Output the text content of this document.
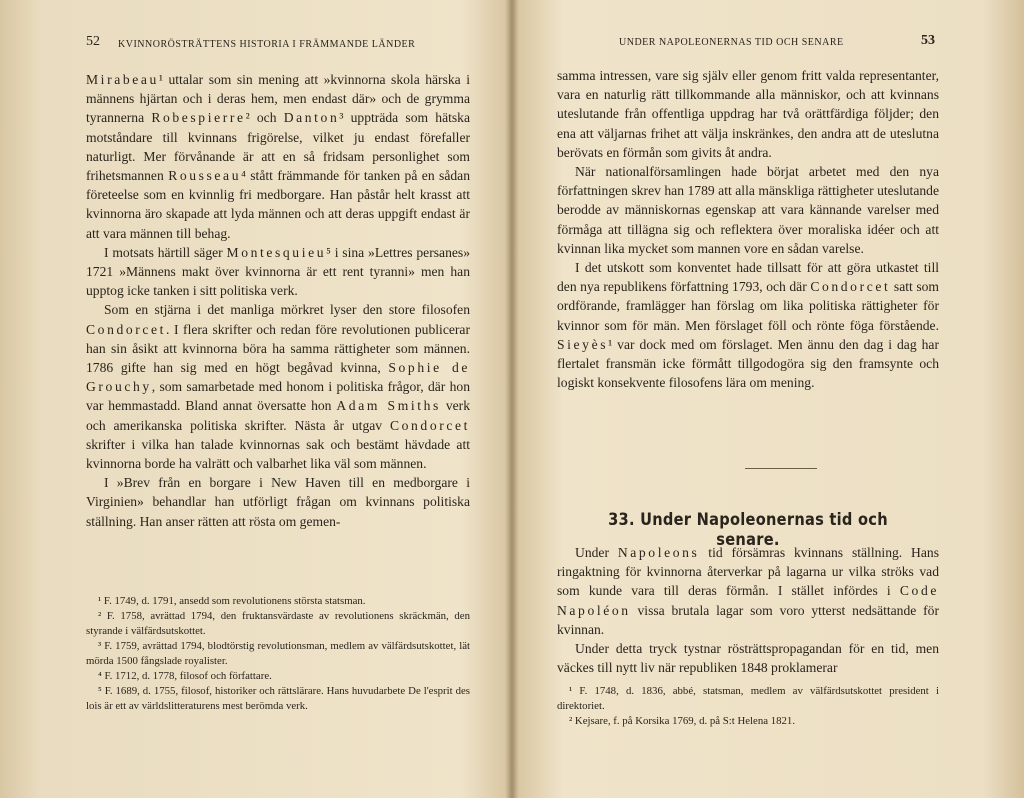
52 KVINNORÖSTRÄTTENS HISTORIA I FRÄMMANDE LÄNDER

Mirabeau¹ uttalar som sin mening att »kvinnorna skola härska i männens hjärtan och i deras hem, men endast där» och de grymma tyrannerna Robespierre² och Danton³ uppträda som hätska motståndare till kvinnans frigörelse, vilket ju endast förefaller naturligt. Mer förvånande är att en så fridsam personlighet som frihetsmannen Rousseau⁴ stått främmande för tanken på en sådan företeelse som en kvinnlig fri medborgare. Han påstår helt krasst att kvinnorna äro skapade att lyda männen och att deras uppgift endast är att vara männen till behag.

I motsats härtill säger Montesquieu⁵ i sina »Lettres persanes» 1721 »Männens makt över kvinnorna är ett rent tyranni» men han upptog icke tanken i sitt politiska verk.

Som en stjärna i det manliga mörkret lyser den store filosofen Condorcet. I flera skrifter och redan före revolutionen publicerar han sin åsikt att kvinnorna böra ha samma rättigheter som männen. 1786 gifte han sig med en högt begåvad kvinna, Sophie de Grouchy, som samarbetade med honom i politiska frågor, där hon var hemmastadd. Bland annat översatte hon Adam Smiths verk och amerikanska politiska skrifter. Nästa år utgav Condorcet skrifter i vilka han talade kvinnornas sak och bestämt hävdade att kvinnorna borde ha valrätt och valbarhet lika väl som männen.

I »Brev från en borgare i New Haven till en medborgare i Virginien» behandlar han utförligt frågan om kvinnans politiska ställning. Han anser rätten att rösta om gemen-

¹ F. 1749, d. 1791, ansedd som revolutionens största statsman.

² F. 1758, avrättad 1794, den fruktansvärdaste av revolutionens skräckmän, den styrande i välfärdsutskottet.

³ F. 1759, avrättad 1794, blodtörstig revolutionsman, medlem av välfärdsutskottet, lät mörda 1500 fångslade royalister.

⁴ F. 1712, d. 1778, filosof och författare.

⁵ F. 1689, d. 1755, filosof, historiker och rättslärare. Hans huvudarbete De l'esprit des lois är ett av världslitteraturens mest berömda verk.

UNDER NAPOLEONERNAS TID OCH SENARE	53

samma intressen, vare sig själv eller genom fritt valda representanter, vara en naturlig rätt tillkommande alla människor, och att kvinnans uteslutande från offentliga uppdrag har två orättfärdiga följder; den ena att väljarnas frihet att välja inskränkes, den andra att de uteslutna berövats en förmån som givits åt andra.

När nationalförsamlingen hade börjat arbetet med den nya författningen skrev han 1789 att alla mänskliga rättigheter uteslutande berodde av människornas egenskap att vara kännande varelser med förmåga att tillägna sig och reflektera över moraliska idéer och att kvinnan lika mycket som mannen vore en sådan varelse.

I det utskott som konventet hade tillsatt för att göra utkastet till den nya republikens författning 1793, och där Condorcet satt som ordförande, framlägger han förslag om lika politiska rättigheter för kvinnor som för män. Men förslaget föll och rönte föga förstående. Sieyès¹ var dock med om förslaget. Men ännu den dag i dag har flertalet fransmän icke förmått tillgodogöra sig den framsynte och logiskt konsekvente filosofens lära om mening.

33. Under Napoleonernas tid och senare.

Under Napoleons tid försämras kvinnans ställning. Hans ringaktning för kvinnorna återverkar på lagarna ur vilka ströks vad som kunde vara till deras förmån. I stället infördes i Code Napoléon vissa brutala lagar som voro ytterst nedsättande för kvinnan.

Under detta tryck tystnar rösträttspropagandan för en tid, men väckes till nytt liv när republiken 1848 proklamerar

¹ F. 1748, d. 1836, abbé, statsman, medlem av välfärdsutskottet president i direktoriet.

² Kejsare, f. på Korsika 1769, d. på S:t Helena 1821.
